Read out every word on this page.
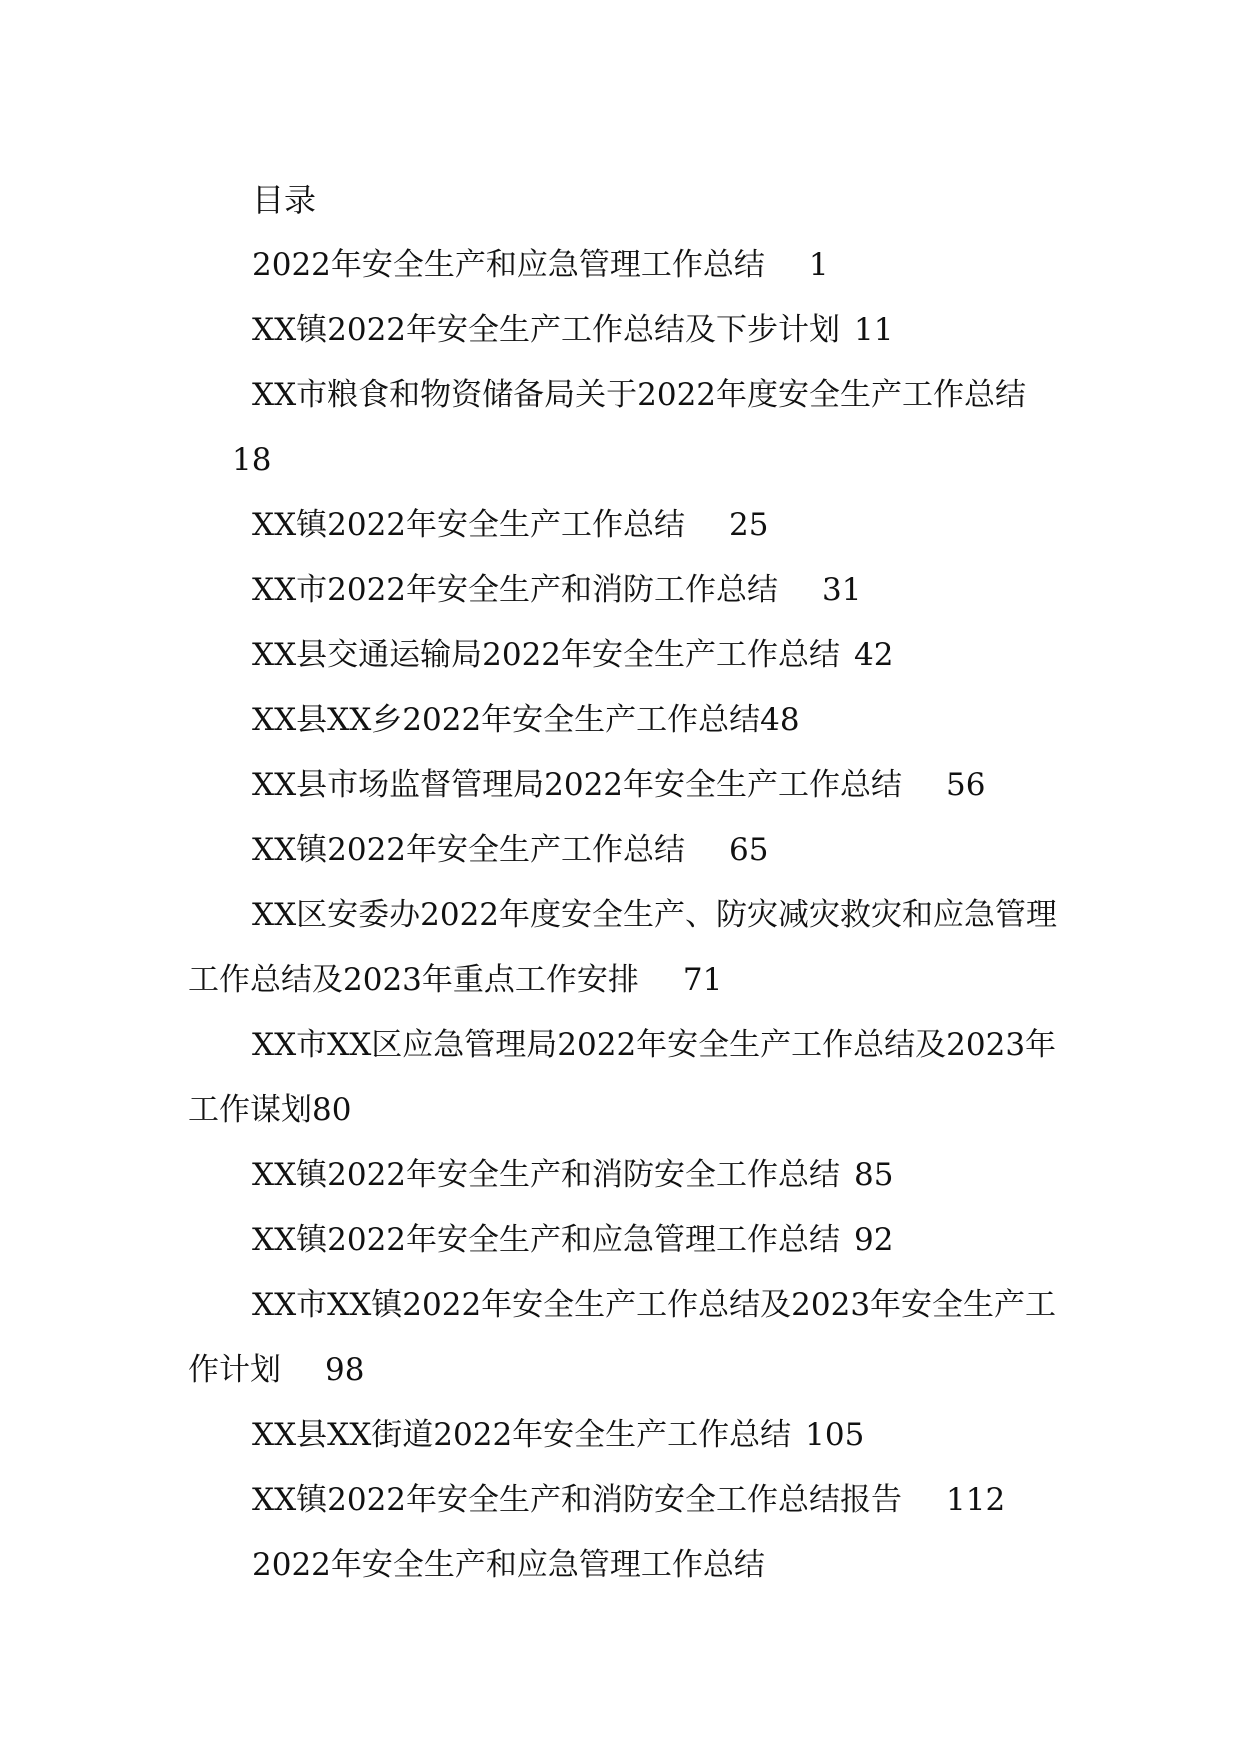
目录
2022年安全生产和应急管理工作总结 1
XX镇2022年安全生产工作总结及下步计划 11
XX市粮食和物资储备局关于2022年度安全生产工作总结
18
XX镇2022年安全生产工作总结 25
XX市2022年安全生产和消防工作总结 31
XX县交通运输局2022年安全生产工作总结 42
XX县XX乡2022年安全生产工作总结48
XX县市场监督管理局2022年安全生产工作总结 56
XX镇2022年安全生产工作总结 65
XX区安委办2022年度安全生产、防灾减灾救灾和应急管理
工作总结及2023年重点工作安排 71
XX市XX区应急管理局2022年安全生产工作总结及2023年
工作谋划80
XX镇2022年安全生产和消防安全工作总结 85
XX镇2022年安全生产和应急管理工作总结 92
XX市XX镇2022年安全生产工作总结及2023年安全生产工
作计划 98
XX县XX街道2022年安全生产工作总结 105
XX镇2022年安全生产和消防安全工作总结报告 112
2022年安全生产和应急管理工作总结
